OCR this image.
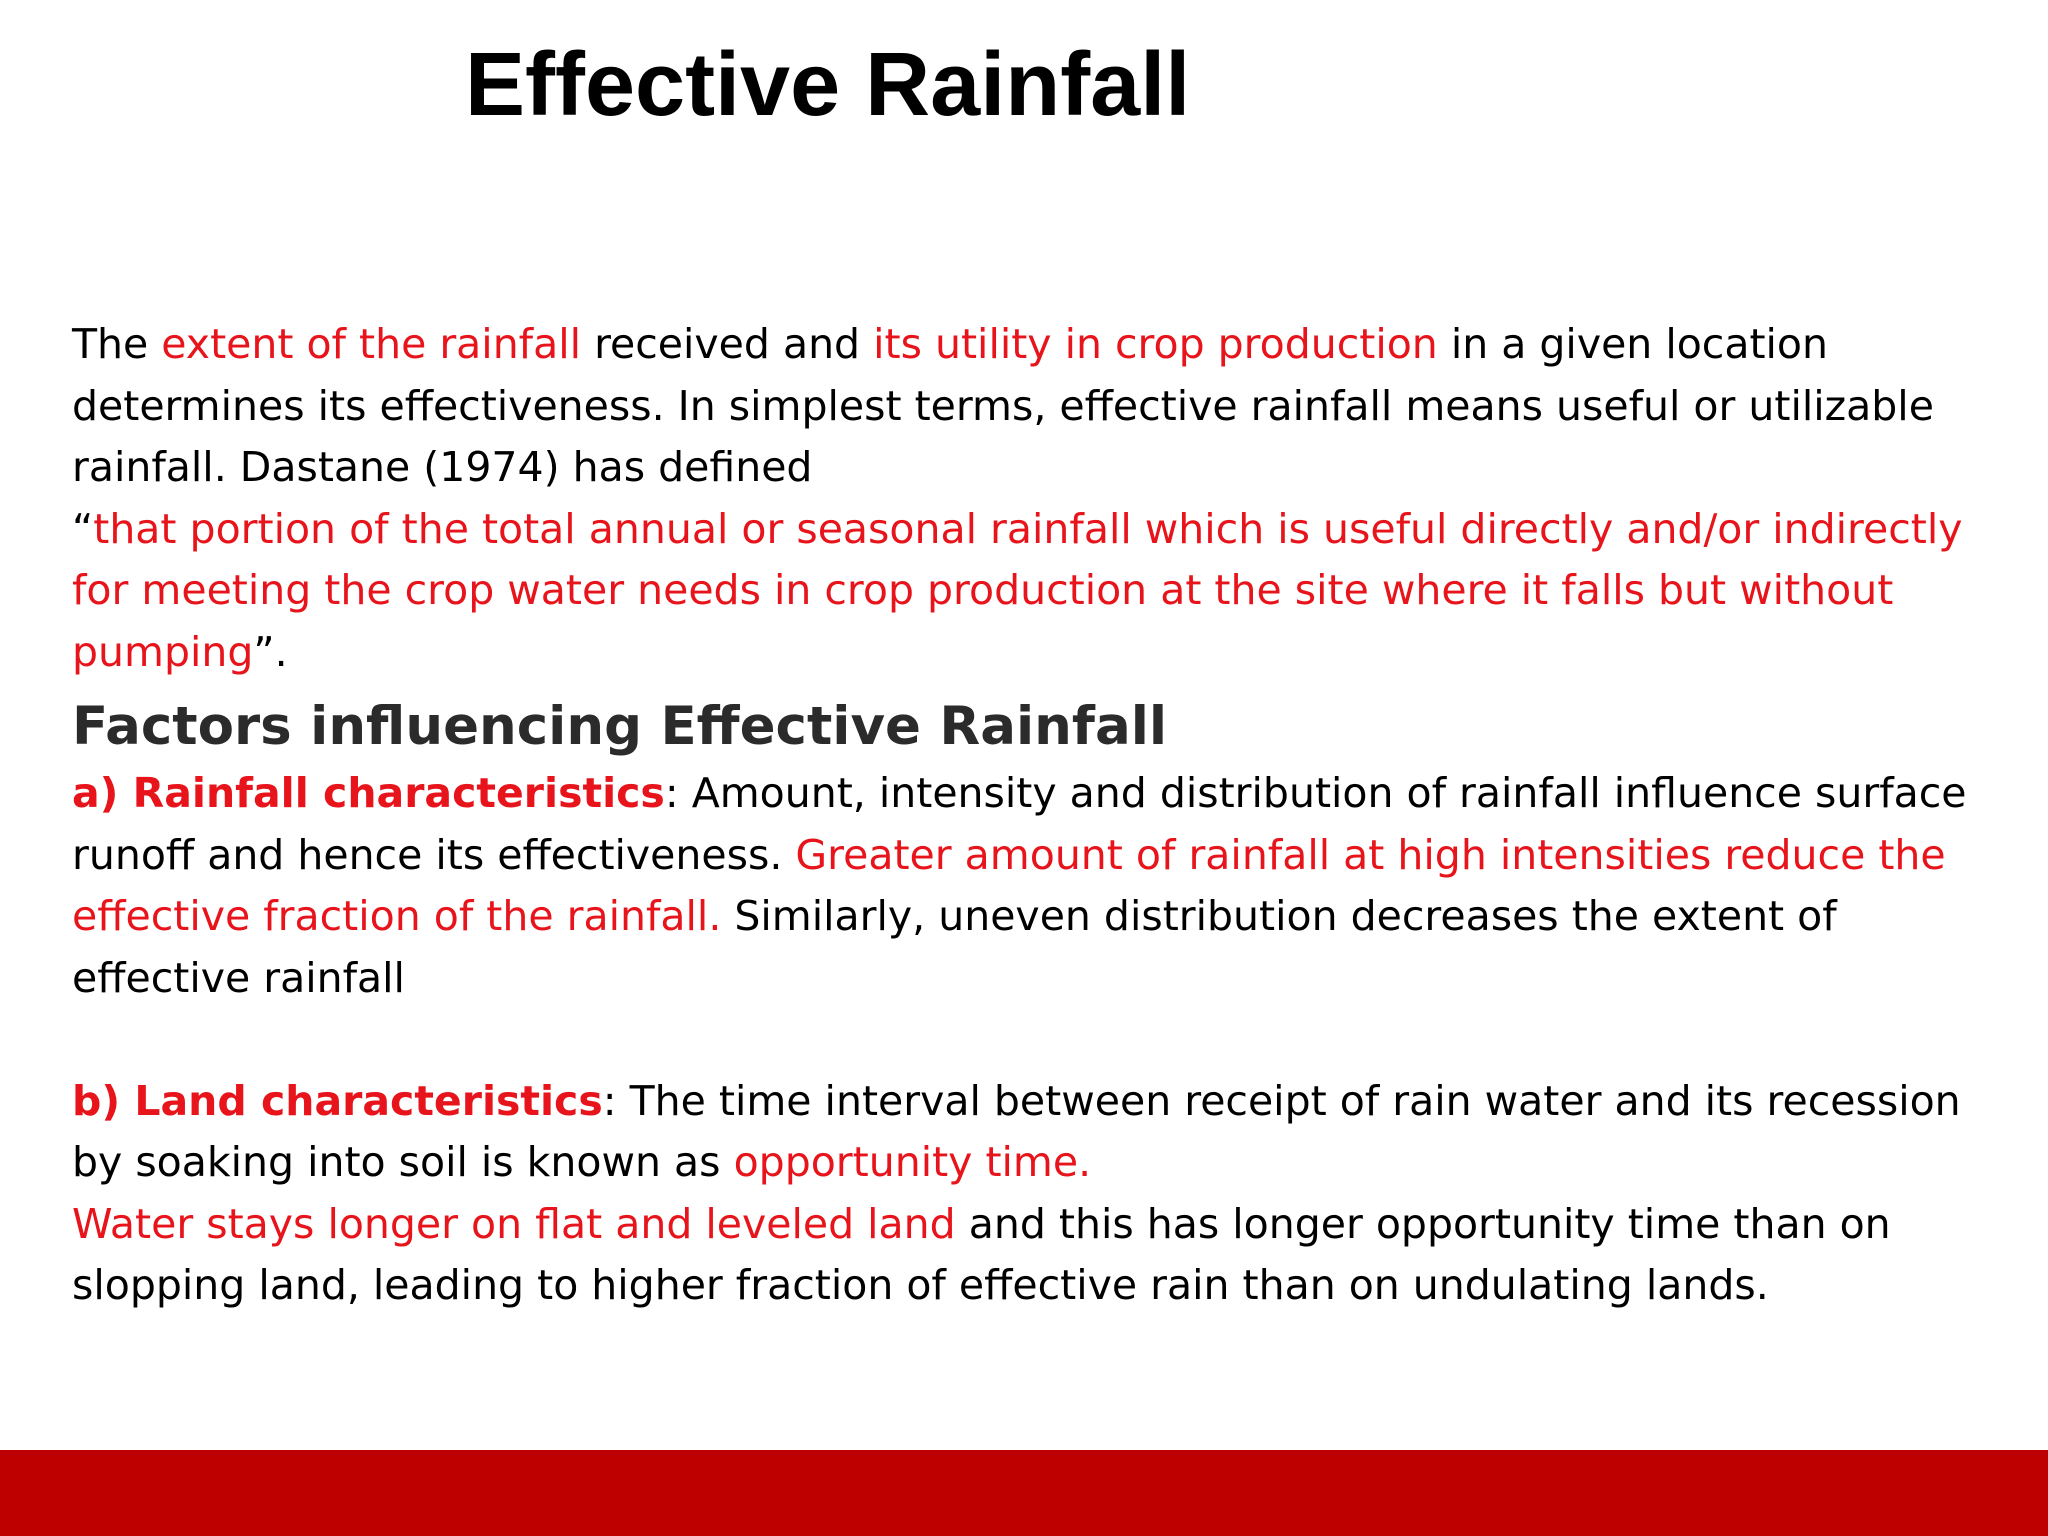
Effective Rainfall

The extent of the rainfall received and its utility in crop production in a given location determines its effectiveness. In simplest terms, effective rainfall means useful or utilizable rainfall. Dastane (1974) has defined
“that portion of the total annual or seasonal rainfall which is useful directly and/or indirectly for meeting the crop water needs in crop production at the site where it falls but without pumping”.

Factors influencing Effective Rainfall

a) Rainfall characteristics: Amount, intensity and distribution of rainfall influence surface runoff and hence its effectiveness. Greater amount of rainfall at high intensities reduce the effective fraction of the rainfall. Similarly, uneven distribution decreases the extent of effective rainfall

b) Land characteristics: The time interval between receipt of rain water and its recession by soaking into soil is known as opportunity time.
Water stays longer on flat and leveled land and this has longer opportunity time than on slopping land, leading to higher fraction of effective rain than on undulating lands.
